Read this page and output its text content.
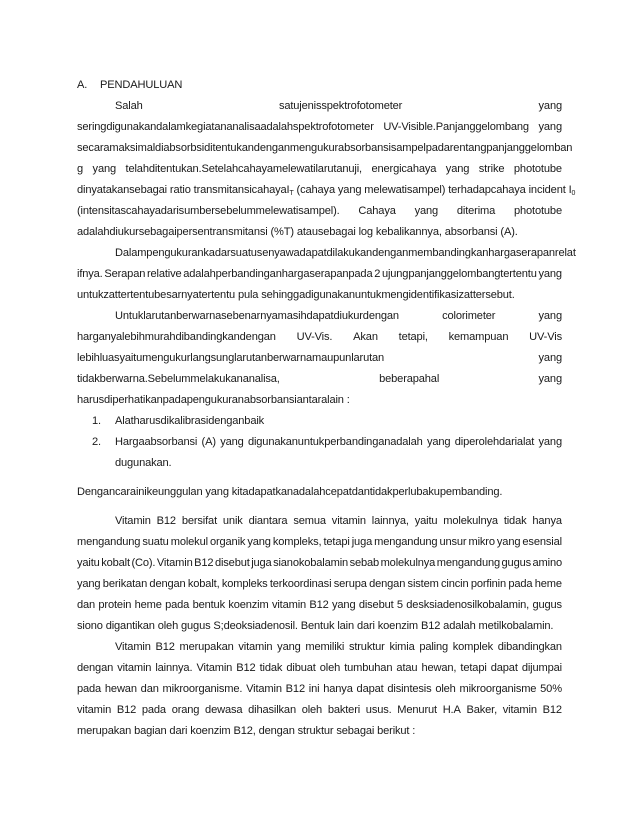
A. PENDAHULUAN
Salah	satujenisspektrofotometer	yang
seringdigunakandalamkegiatananalisaadalahspektrofotometer UV-Visible.Panjanggelombang yang
secaramaksimaldiabsorbsiditentukandenganmengukurabsorbansisampelpadarentangpanjanggelomban
g yang telahditentukan.Setelahcahayamelewatilarutanuji, energicahaya yang strike phototube
dinyatakansebagai ratio transmitansicahayaI$_T$ (cahaya yang melewatisampel) terhadapcahaya incident $I_0$
(intensitascahayadarisumbersebelummelewatisampel). Cahaya yang diterima phototube
adalahdiukursebagaipersentransmitansi (%T) atausebagai log kebalikannya, absorbansi (A).
Dalampengukurankadarsuatusenyawadapatdilakukandenganmembandingkanhargaserapanrelat
ifnya. Serapan relative adalahperbandinganhargaserapanpada 2 ujungpanjanggelombangtertentu yang
untukzattertentubesarnyatertentu pula sehinggadigunakanuntukmengidentifikasizattersebut.
Untuklarutanberwarnasebenarnyamasihdapatdiukurdengan	colorimeter	yang
harganyalebihmurahdibandingkandengan UV-Vis. Akan tetapi, kemampuan UV-Vis
lebihluasyaitumengukurlangsunglarutanberwarnamaupunlarutan	yang
tidakberwarna.Sebelummelakukananalisa,	beberapahal	yang
harusdiperhatikanpadapengukuranabsorbansiantaralain :
1. Alatharusdikalibrasidenganbaik
2. Hargaabsorbansi (A) yang digunakanuntukperbandinganadalah yang diperolehdarialat yang
dugunakan.
Dengancarainikeunggulan yang kitadapatkanadalahcepatdantidakperlubakupembanding.
Vitamin B12 bersifat unik diantara semua vitamin lainnya, yaitu molekulnya tidak hanya
mengandung suatu molekul organik yang kompleks, tetapi juga mengandung unsur mikro yang esensial
yaitu kobalt (Co). Vitamin B12 disebut juga sianokobalamin sebab molekulnya mengandung gugus amino
yang berikatan dengan kobalt, kompleks terkoordinasi serupa dengan sistem cincin porfinin pada heme
dan protein heme pada bentuk koenzim vitamin B12 yang disebut 5 desksiadenosilkobalamin, gugus
siono digantikan oleh gugus S;deoksiadenosil. Bentuk lain dari koenzim B12 adalah metilkobalamin.
Vitamin B12 merupakan vitamin yang memiliki struktur kimia paling komplek dibandingkan
dengan vitamin lainnya. Vitamin B12 tidak dibuat oleh tumbuhan atau hewan, tetapi dapat dijumpai
pada hewan dan mikroorganisme. Vitamin B12 ini hanya dapat disintesis oleh mikroorganisme 50%
vitamin B12 pada orang dewasa dihasilkan oleh bakteri usus. Menurut H.A Baker, vitamin B12
merupakan bagian dari koenzim B12, dengan struktur sebagai berikut :
